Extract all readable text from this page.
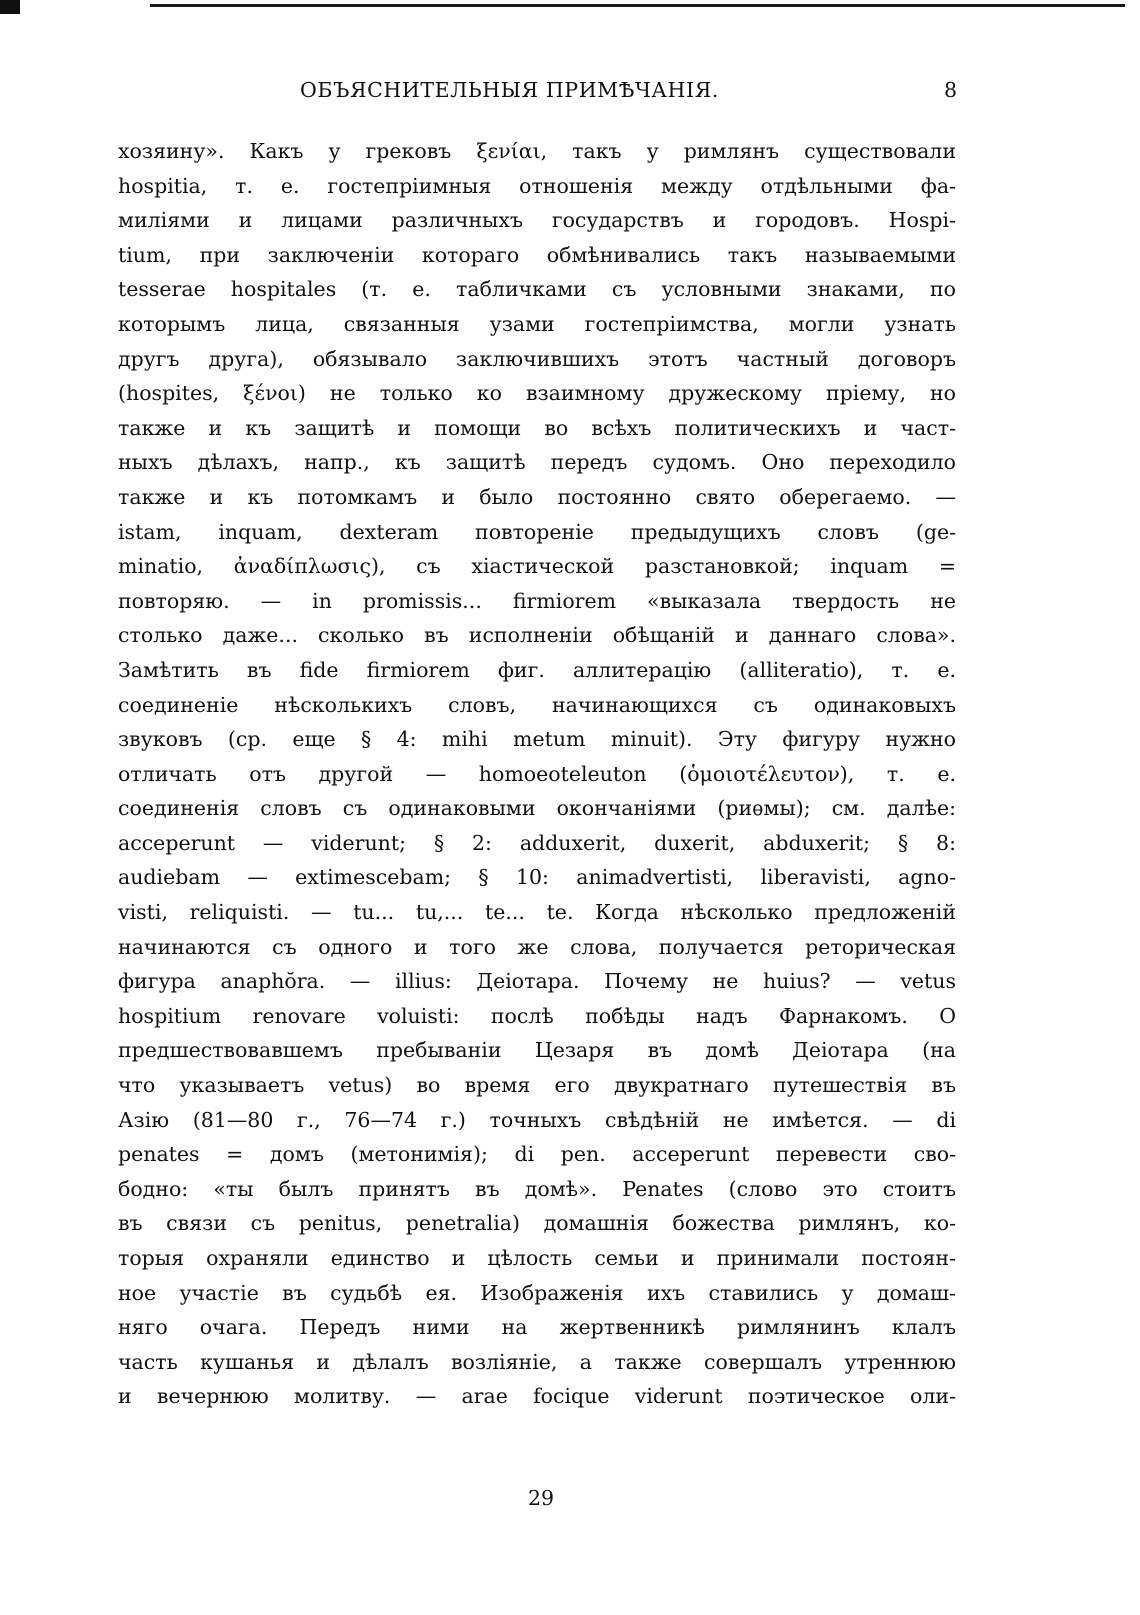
ОБЪЯСНИТЕЛЬНЫЯ ПРИМѢЧАНІЯ.	8
хозяину». Какъ у грековъ ξενίαι, такъ у римлянъ существовали
hospitia, т. е. гостепріимныя отношенія между отдѣльными фа-
миліями и лицами различныхъ государствъ и городовъ. Hospi-
tium, при заключеніи котораго обмѣнивались такъ называемыми
tesserae hospitales (т. е. табличками съ условными знаками, по
которымъ лица, связанныя узами гостепріимства, могли узнать
другъ друга), обязывало заключившихъ этотъ частный договоръ
(hospites, ξένοι) не только ко взаимному дружескому пріему, но
также и къ защитѣ и помощи во всѣхъ политическихъ и част-
ныхъ дѣлахъ, напр., къ защитѣ передъ судомъ. Оно переходило
также и къ потомкамъ и было постоянно свято оберегаемо. —
istam, inquam, dexteram повтореніе предыдущихъ словъ (ge-
minatio, ἀναδίπλωσις), съ хіастической разстановкой; inquam =
повторяю. — in promissis... firmiorem «выказала твердость не
столько даже... сколько въ исполненіи обѣщаній и даннаго слова».
Замѣтить въ fide firmiorem фиг. аллитерацію (alliteratio), т. е.
соединеніе нѣсколькихъ словъ, начинающихся съ одинаковыхъ
звуковъ (ср. еще § 4: mihi metum minuit). Эту фигуру нужно
отличать отъ другой — homoeoteleuton (ὁμοιοτέλευτον), т. е.
соединенія словъ съ одинаковыми окончаніями (риѳмы); см. далѣе:
acceperunt — viderunt; § 2: adduxerit, duxerit, abduxerit; § 8:
audiebam — extimescebam; § 10: animadvertisti, liberavisti, agno-
visti, reliquisti. — tu... tu,... te... te. Когда нѣсколько предложеній
начинаются съ одного и того же слова, получается реторическая
фигура anaphŏra. — illius: Деіотара. Почему не huius? — vetus
hospitium renovare voluisti: послѣ побѣды надъ Фарнакомъ. О
предшествовавшемъ пребываніи Цезаря въ домѣ Деіотара (на
что указываетъ vetus) во время его двукратнаго путешествія въ
Азію (81—80 г., 76—74 г.) точныхъ свѣдѣній не имѣется. — di
penates = домъ (метонимія); di pen. acceperunt перевести сво-
бодно: «ты былъ принятъ въ домѣ». Penates (слово это стоитъ
въ связи съ penitus, penetralia) домашнія божества римлянъ, ко-
торыя охраняли единство и цѣлость семьи и принимали постоян-
ное участіе въ судьбѣ ея. Изображенія ихъ ставились у домаш-
няго очага. Передъ ними на жертвенникѣ римлянинъ клалъ
часть кушанья и дѣлалъ возліяніе, а также совершалъ утреннюю
и вечернюю молитву. — arae focique viderunt поэтическое оли-
29
